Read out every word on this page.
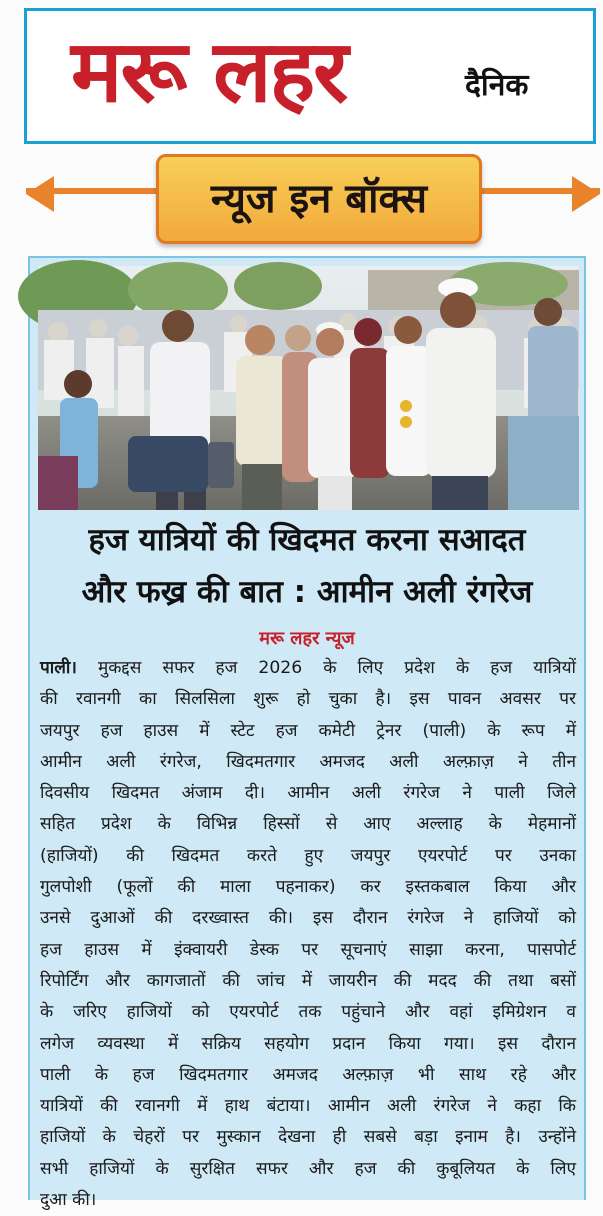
मरू लहर	दैनिक
न्यूज इन बॉक्स
हज यात्रियों की खिदमत करना सआदत
और फख्र की बात : आमीन अली रंगरेज
मरू लहर न्यूज
पाली। मुकद्दस सफर हज 2026 के लिए प्रदेश के हज यात्रियों
की रवानगी का सिलसिला शुरू हो चुका है। इस पावन अवसर पर
जयपुर हज हाउस में स्टेट हज कमेटी ट्रेनर (पाली) के रूप में
आमीन अली रंगरेज, खिदमतगार अमजद अली अल्फ़ाज़ ने तीन
दिवसीय खिदमत अंजाम दी। आमीन अली रंगरेज ने पाली जिले
सहित प्रदेश के विभिन्न हिस्सों से आए अल्लाह के मेहमानों
(हाजियों) की खिदमत करते हुए जयपुर एयरपोर्ट पर उनका
गुलपोशी (फूलों की माला पहनाकर) कर इस्तकबाल किया और
उनसे दुआओं की दरख्वास्त की। इस दौरान रंगरेज ने हाजियों को
हज हाउस में इंक्वायरी डेस्क पर सूचनाएं साझा करना, पासपोर्ट
रिपोर्टिंग और कागजातों की जांच में जायरीन की मदद की तथा बसों
के जरिए हाजियों को एयरपोर्ट तक पहुंचाने और वहां इमिग्रेशन व
लगेज व्यवस्था में सक्रिय सहयोग प्रदान किया गया। इस दौरान
पाली के हज खिदमतगार अमजद अल्फ़ाज़ भी साथ रहे और
यात्रियों की रवानगी में हाथ बंटाया। आमीन अली रंगरेज ने कहा कि
हाजियों के चेहरों पर मुस्कान देखना ही सबसे बड़ा इनाम है। उन्होंने
सभी हाजियों के सुरक्षित सफर और हज की कुबूलियत के लिए
दुआ की।
